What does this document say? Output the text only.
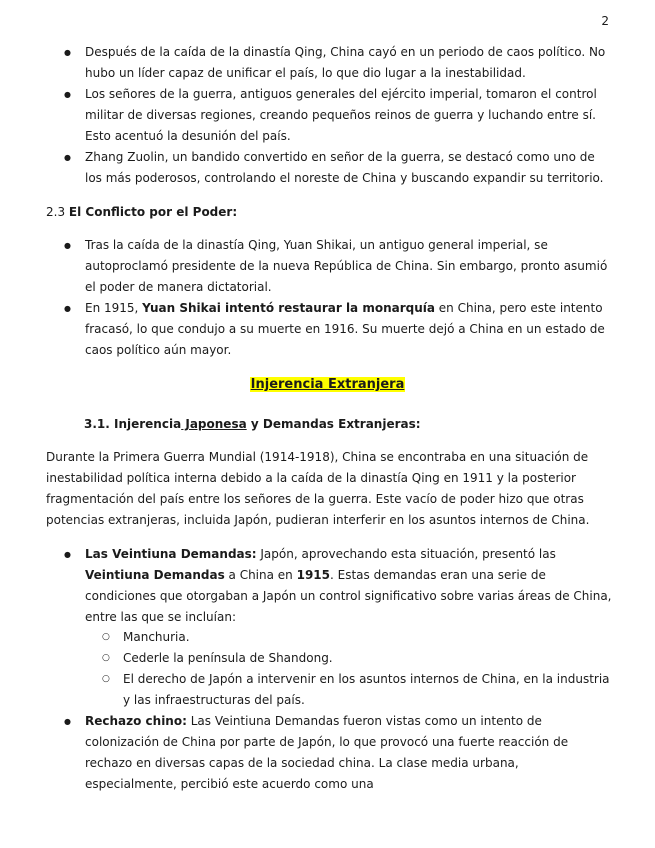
2
● Después de la caída de la dinastía Qing, China cayó en un periodo de caos político. No hubo un líder capaz de unificar el país, lo que dio lugar a la inestabilidad.
● Los señores de la guerra, antiguos generales del ejército imperial, tomaron el control militar de diversas regiones, creando pequeños reinos de guerra y luchando entre sí. Esto acentuó la desunión del país.
● Zhang Zuolin, un bandido convertido en señor de la guerra, se destacó como uno de los más poderosos, controlando el noreste de China y buscando expandir su territorio.
2.3 El Conflicto por el Poder:
● Tras la caída de la dinastía Qing, Yuan Shikai, un antiguo general imperial, se autoproclamó presidente de la nueva República de China. Sin embargo, pronto asumió el poder de manera dictatorial.
● En 1915, Yuan Shikai intentó restaurar la monarquía en China, pero este intento fracasó, lo que condujo a su muerte en 1916. Su muerte dejó a China en un estado de caos político aún mayor.
Injerencia Extranjera
3.1. Injerencia Japonesa y Demandas Extranjeras:
Durante la Primera Guerra Mundial (1914-1918), China se encontraba en una situación de inestabilidad política interna debido a la caída de la dinastía Qing en 1911 y la posterior fragmentación del país entre los señores de la guerra. Este vacío de poder hizo que otras potencias extranjeras, incluida Japón, pudieran interferir en los asuntos internos de China.
● Las Veintiuna Demandas: Japón, aprovechando esta situación, presentó las Veintiuna Demandas a China en 1915. Estas demandas eran una serie de condiciones que otorgaban a Japón un control significativo sobre varias áreas de China, entre las que se incluían:
○ Manchuria.
○ Cederle la península de Shandong.
○ El derecho de Japón a intervenir en los asuntos internos de China, en la industria y las infraestructuras del país.
● Rechazo chino: Las Veintiuna Demandas fueron vistas como un intento de colonización de China por parte de Japón, lo que provocó una fuerte reacción de rechazo en diversas capas de la sociedad china. La clase media urbana, especialmente, percibió este acuerdo como una
